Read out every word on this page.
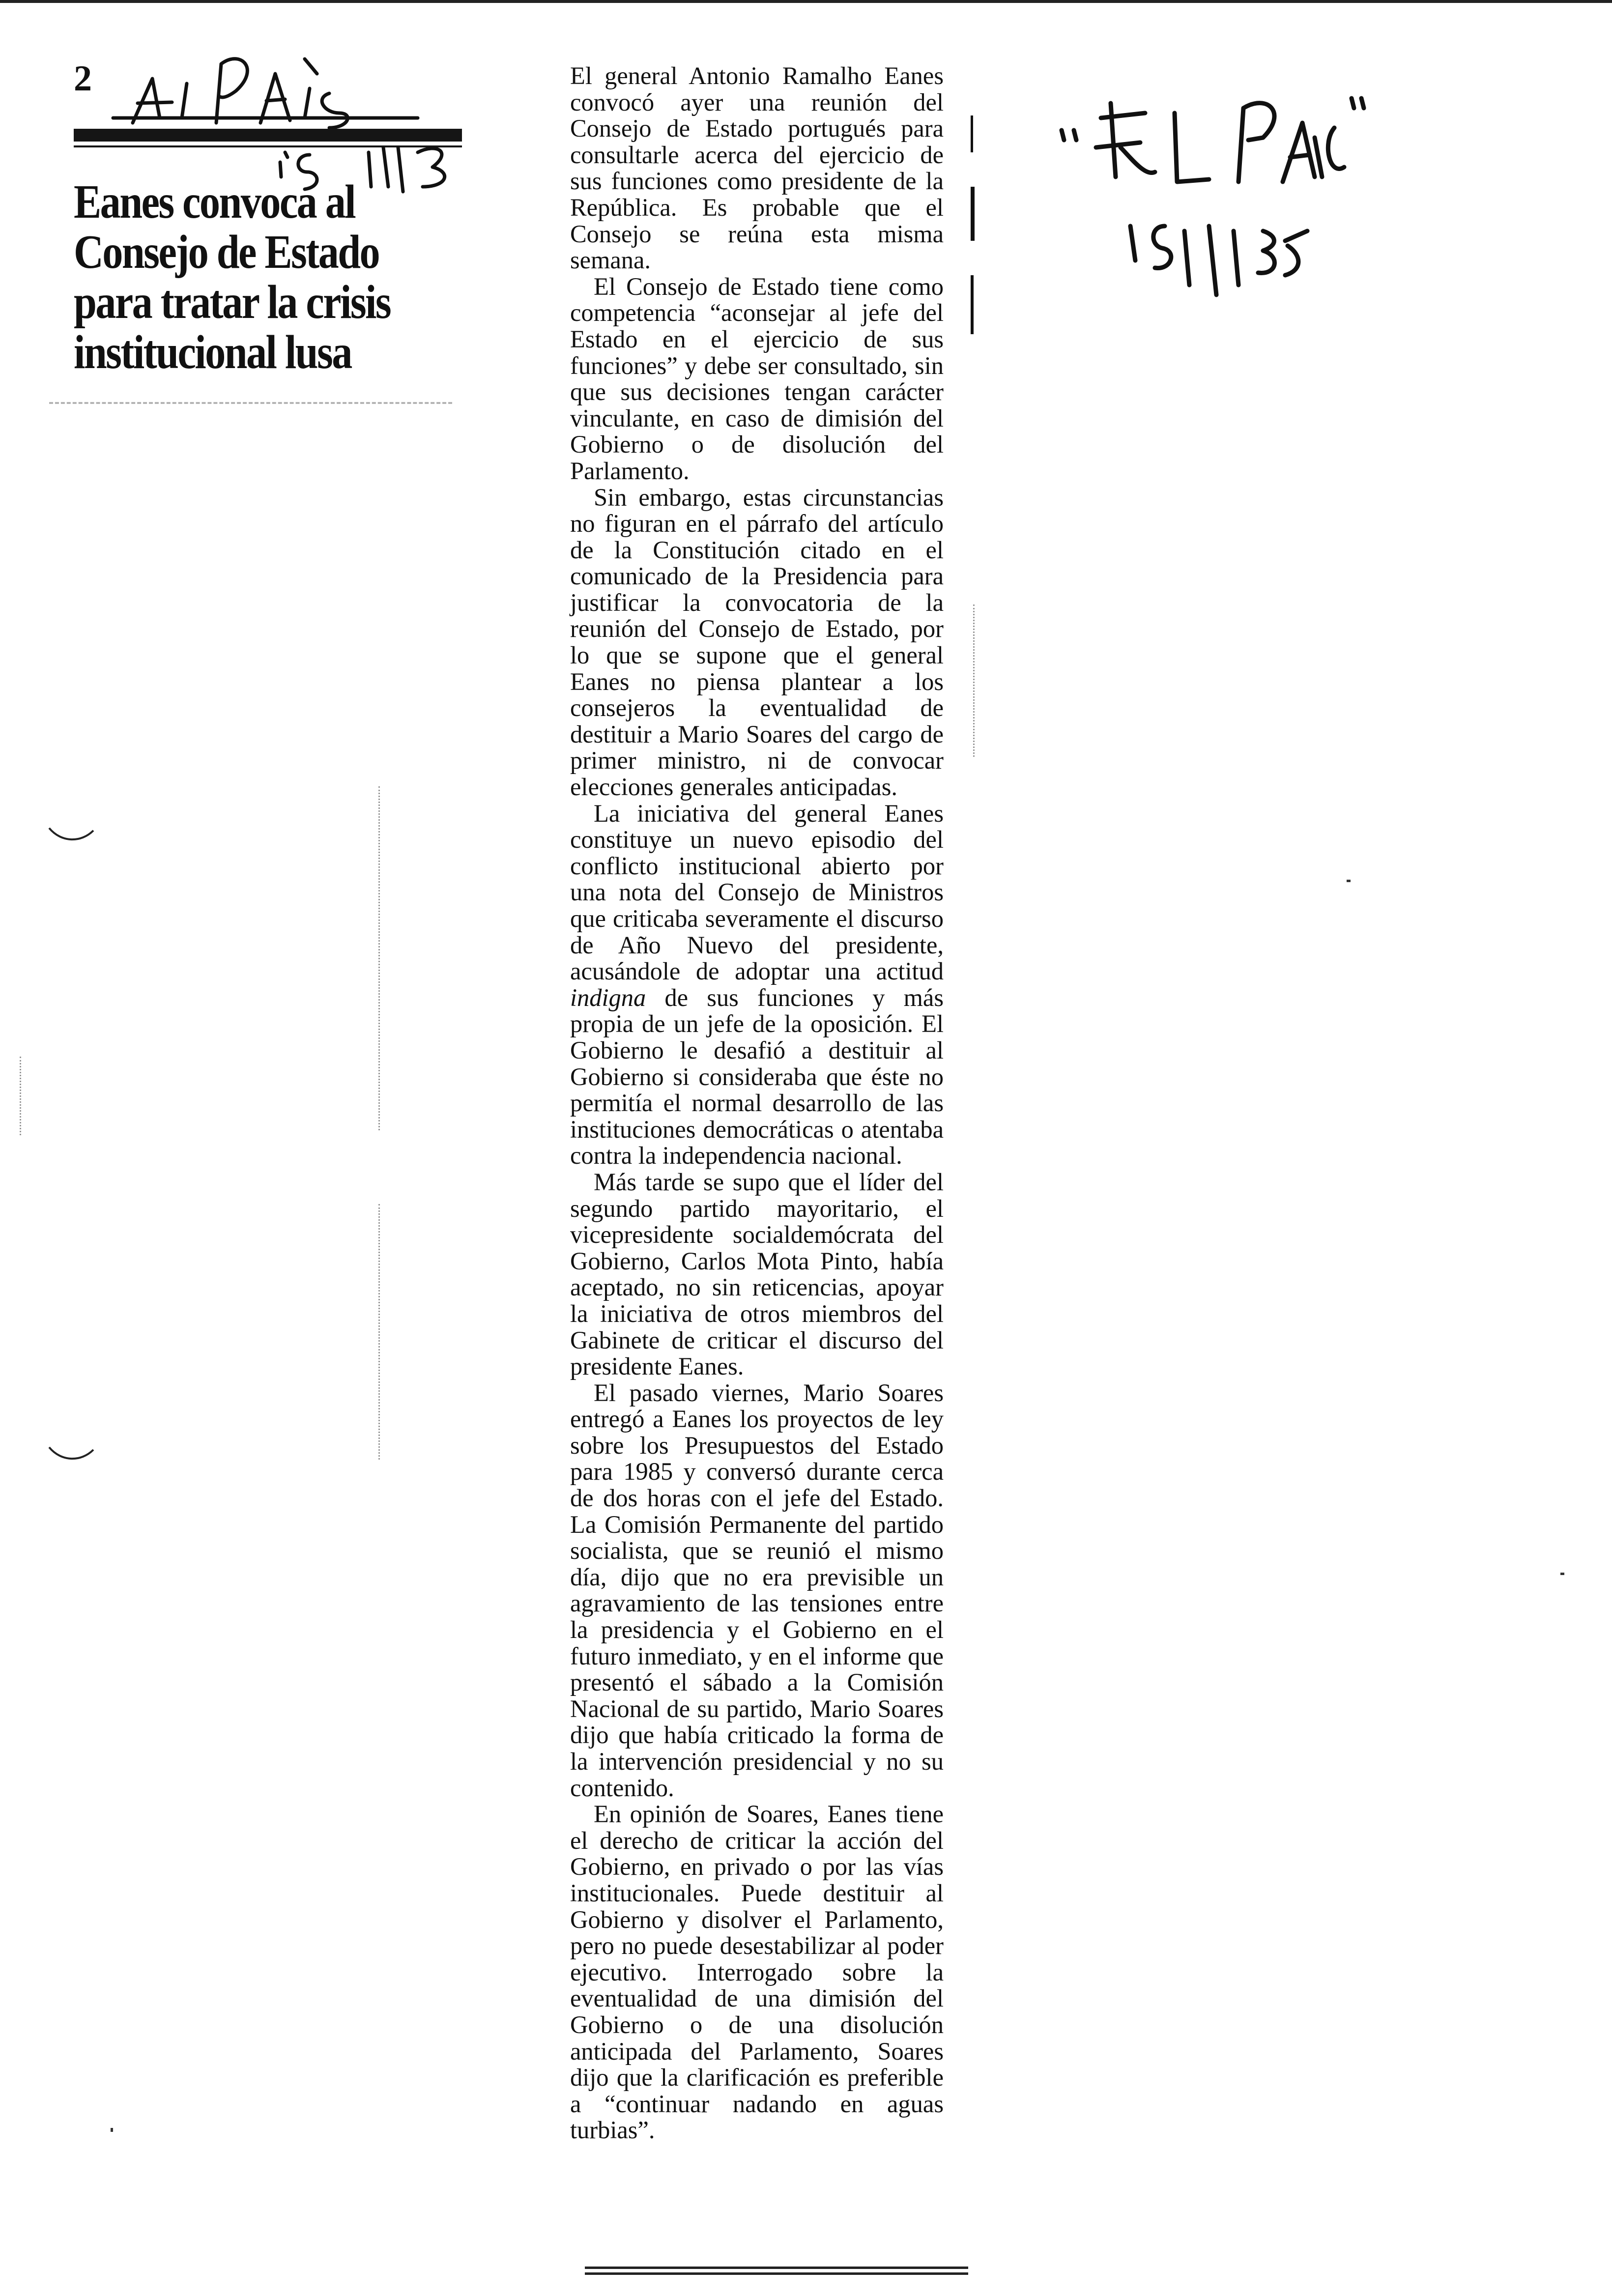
2
Eanes convoca al Consejo de Estado para tratar la crisis institucional lusa

El general Antonio Ramalho Eanes convocó ayer una reunión del Consejo de Estado portugués para consultarle acerca del ejercicio de sus funciones como presidente de la República. Es probable que el Consejo se reúna esta misma semana.

El Consejo de Estado tiene como competencia “aconsejar al jefe del Estado en el ejercicio de sus funciones” y debe ser consultado, sin que sus decisiones tengan carácter vinculante, en caso de dimisión del Gobierno o de disolución del Parlamento.

Sin embargo, estas circunstancias no figuran en el párrafo del artículo de la Constitución citado en el comunicado de la Presidencia para justificar la convocatoria de la reunión del Consejo de Estado, por lo que se supone que el general Eanes no piensa plantear a los consejeros la eventualidad de destituir a Mario Soares del cargo de primer ministro, ni de convocar elecciones generales anticipadas.

La iniciativa del general Eanes constituye un nuevo episodio del conflicto institucional abierto por una nota del Consejo de Ministros que criticaba severamente el discurso de Año Nuevo del presidente, acusándole de adoptar una actitud indigna de sus funciones y más propia de un jefe de la oposición. El Gobierno le desafió a destituir al Gobierno si consideraba que éste no permitía el normal desarrollo de las instituciones democráticas o atentaba contra la independencia nacional.

Más tarde se supo que el líder del segundo partido mayoritario, el vicepresidente socialdemócrata del Gobierno, Carlos Mota Pinto, había aceptado, no sin reticencias, apoyar la iniciativa de otros miembros del Gabinete de criticar el discurso del presidente Eanes.

El pasado viernes, Mario Soares entregó a Eanes los proyectos de ley sobre los Presupuestos del Estado para 1985 y conversó durante cerca de dos horas con el jefe del Estado. La Comisión Permanente del partido socialista, que se reunió el mismo día, dijo que no era previsible un agravamiento de las tensiones entre la presidencia y el Gobierno en el futuro inmediato, y en el informe que presentó el sábado a la Comisión Nacional de su partido, Mario Soares dijo que había criticado la forma de la intervención presidencial y no su contenido.

En opinión de Soares, Eanes tiene el derecho de criticar la acción del Gobierno, en privado o por las vías institucionales. Puede destituir al Gobierno y disolver el Parlamento, pero no puede desestabilizar al poder ejecutivo. Interrogado sobre la eventualidad de una dimisión del Gobierno o de una disolución anticipada del Parlamento, Soares dijo que la clarificación es preferible a “continuar nadando en aguas turbias”.
